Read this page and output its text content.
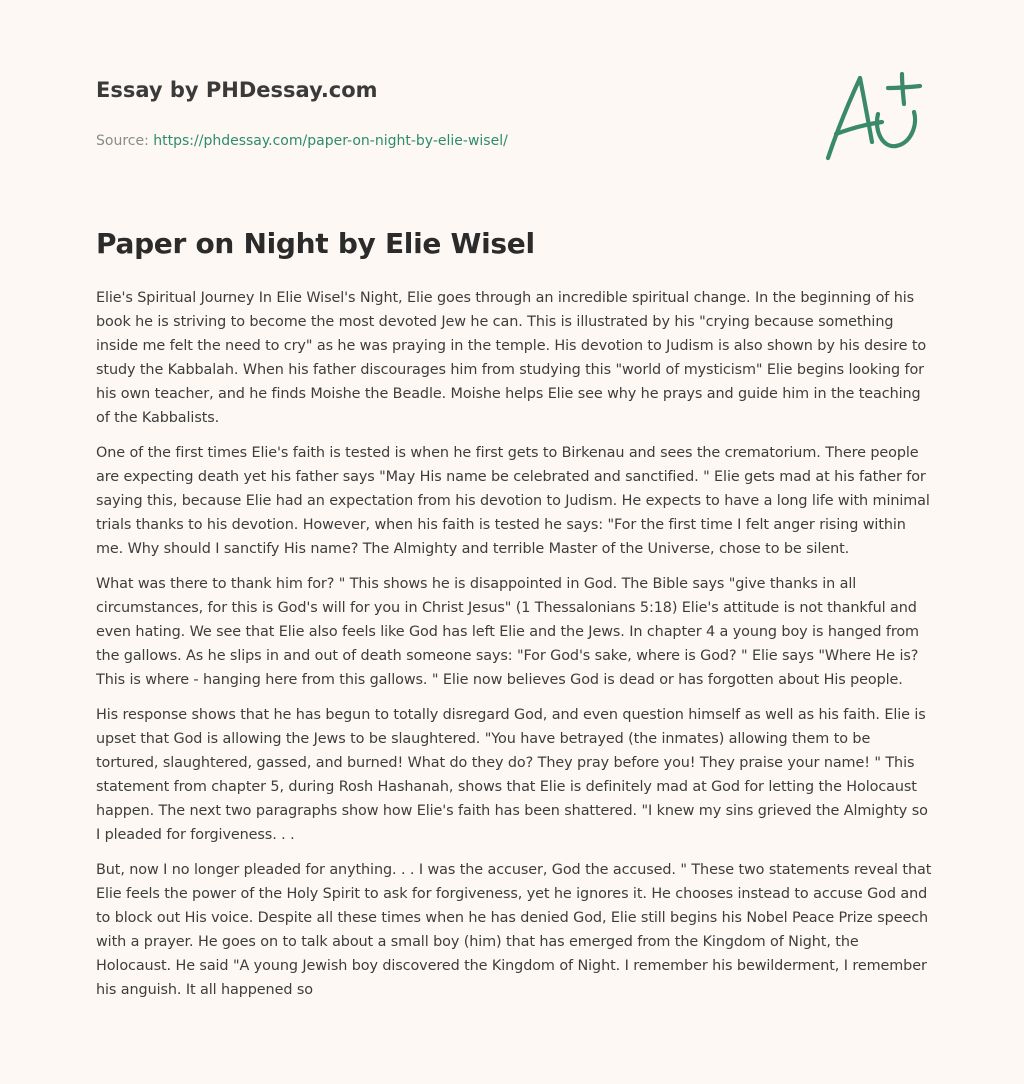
Essay by PHDessay.com
Source: https://phdessay.com/paper-on-night-by-elie-wisel/
Paper on Night by Elie Wisel

Elie's Spiritual Journey In Elie Wisel's Night, Elie goes through an incredible spiritual change. In the beginning of his book he is striving to become the most devoted Jew he can. This is illustrated by his "crying because something inside me felt the need to cry" as he was praying in the temple. His devotion to Judism is also shown by his desire to study the Kabbalah. When his father discourages him from studying this "world of mysticism" Elie begins looking for his own teacher, and he finds Moishe the Beadle. Moishe helps Elie see why he prays and guide him in the teaching of the Kabbalists.

One of the first times Elie's faith is tested is when he first gets to Birkenau and sees the crematorium. There people are expecting death yet his father says "May His name be celebrated and sanctified. " Elie gets mad at his father for saying this, because Elie had an expectation from his devotion to Judism. He expects to have a long life with minimal trials thanks to his devotion. However, when his faith is tested he says: "For the first time I felt anger rising within me. Why should I sanctify His name? The Almighty and terrible Master of the Universe, chose to be silent.

What was there to thank him for? " This shows he is disappointed in God. The Bible says "give thanks in all circumstances, for this is God's will for you in Christ Jesus" (1 Thessalonians 5:18) Elie's attitude is not thankful and even hating. We see that Elie also feels like God has left Elie and the Jews. In chapter 4 a young boy is hanged from the gallows. As he slips in and out of death someone says: "For God's sake, where is God? " Elie says "Where He is? This is where - hanging here from this gallows. " Elie now believes God is dead or has forgotten about His people.

His response shows that he has begun to totally disregard God, and even question himself as well as his faith. Elie is upset that God is allowing the Jews to be slaughtered. "You have betrayed (the inmates) allowing them to be tortured, slaughtered, gassed, and burned! What do they do? They pray before you! They praise your name! " This statement from chapter 5, during Rosh Hashanah, shows that Elie is definitely mad at God for letting the Holocaust happen. The next two paragraphs show how Elie's faith has been shattered. "I knew my sins grieved the Almighty so I pleaded for forgiveness. . .

But, now I no longer pleaded for anything. . . I was the accuser, God the accused. " These two statements reveal that Elie feels the power of the Holy Spirit to ask for forgiveness, yet he ignores it. He chooses instead to accuse God and to block out His voice. Despite all these times when he has denied God, Elie still begins his Nobel Peace Prize speech with a prayer. He goes on to talk about a small boy (him) that has emerged from the Kingdom of Night, the Holocaust. He said "A young Jewish boy discovered the Kingdom of Night. I remember his bewilderment, I remember his anguish. It all happened so
